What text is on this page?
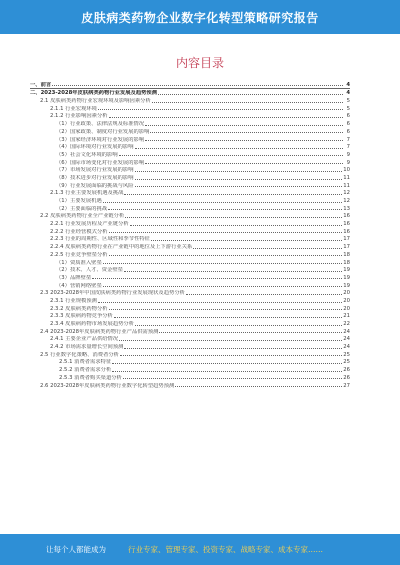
皮肤病类药物企业数字化转型策略研究报告
内容目录
一、前言	4
二、2023-2028年皮肤病类药物行业发展及趋势预测	4
2.1 皮肤病类药物行业宏观环境及影响因素分析	5
2.1.1 行业宏观环境	5
2.1.2 行业影响因素分析	6
（1）行业政策、法律法规及标准情况	6
（2）国家政策、制度对行业发展的影响	6
（3）国家经济环境对行业发展的影响	7
（4）国际环境对行业发展的影响	7
（5）社会文化环境的影响	9
（6）国际市场变化对行业发展的影响	9
（7）市场发展对行业发展的影响	10
（8）技术进步对行业发展的影响	11
（9）行业发展面临的挑战与风险	11
2.1.3 行业主要发展机遇及挑战	12
（1）主要发展机遇	12
（2）主要面临的挑战	13
2.2 皮肤病类药物行业全产业链分析	16
2.2.1 行业发展历程及产业链分析	16
2.2.2 行业经营模式分析	16
2.2.3 行业的周期性、区域性和季节性特征	17
2.2.4 皮肤病类药物行业在产业链中的地位及上下游行业关系	17
2.2.5 行业竞争壁垒分析	18
（1）资质准入壁垒	18
（2）技术、人才、资金壁垒	19
（3）品牌壁垒	19
（4）营销网络壁垒	19
2.3 2023-2028年中国皮肤病类药物行业发展现状及趋势分析	20
2.3.1 行业规模预测	20
2.3.2 皮肤病类药物分析	20
2.3.3 皮肤病药物竞争分析	21
2.3.4 皮肤病药物市场发展趋势分析	22
2.4 2023-2028年皮肤病类药物行业产品供需预测	24
2.4.1 主要企业产品供给情况	24
2.4.2 市场需求量增长空间预测	24
2.5 行业数字化策略、消费者分析	25
2.5.1 消费者需求特征	25
2.5.2 消费者需求分析	26
2.5.3 消费者购买渠道分析	26
2.6 2023-2028年皮肤病类药物行业数字化转型趋势预测	27
让每个人都能成为	行业专家、管理专家、投资专家、战略专家、成本专家……
